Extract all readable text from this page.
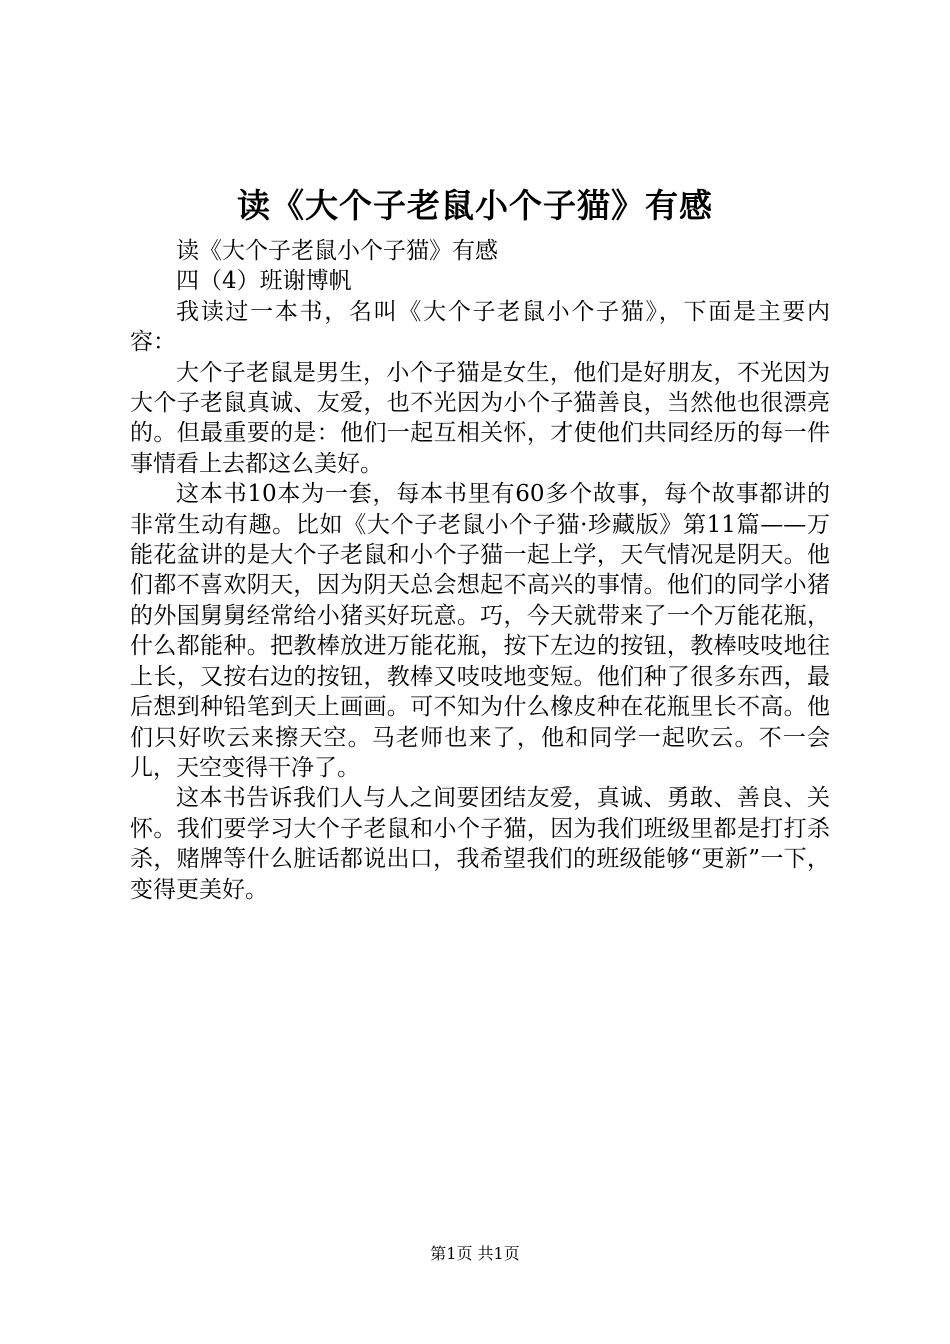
读《大个子老鼠小个子猫》有感

读《大个子老鼠小个子猫》有感

四（4）班谢博帆

我读过一本书，名叫《大个子老鼠小个子猫》，下面是主要内容：

大个子老鼠是男生，小个子猫是女生，他们是好朋友，不光因为大个子老鼠真诚、友爱，也不光因为小个子猫善良，当然他也很漂亮的。但最重要的是：他们一起互相关怀，才使他们共同经历的每一件事情看上去都这么美好。

这本书10本为一套，每本书里有60多个故事，每个故事都讲的非常生动有趣。比如《大个子老鼠小个子猫·珍藏版》第11篇——万能花盆讲的是大个子老鼠和小个子猫一起上学，天气情况是阴天。他们都不喜欢阴天，因为阴天总会想起不高兴的事情。他们的同学小猪的外国舅舅经常给小猪买好玩意。巧，今天就带来了一个万能花瓶，什么都能种。把教棒放进万能花瓶，按下左边的按钮，教棒吱吱地往上长，又按右边的按钮，教棒又吱吱地变短。他们种了很多东西，最后想到种铅笔到天上画画。可不知为什么橡皮种在花瓶里长不高。他们只好吹云来擦天空。马老师也来了，他和同学一起吹云。不一会儿，天空变得干净了。

这本书告诉我们人与人之间要团结友爱，真诚、勇敢、善良、关怀。我们要学习大个子老鼠和小个子猫，因为我们班级里都是打打杀杀，赌牌等什么脏话都说出口，我希望我们的班级能够“更新”一下，变得更美好。

第1页 共1页
